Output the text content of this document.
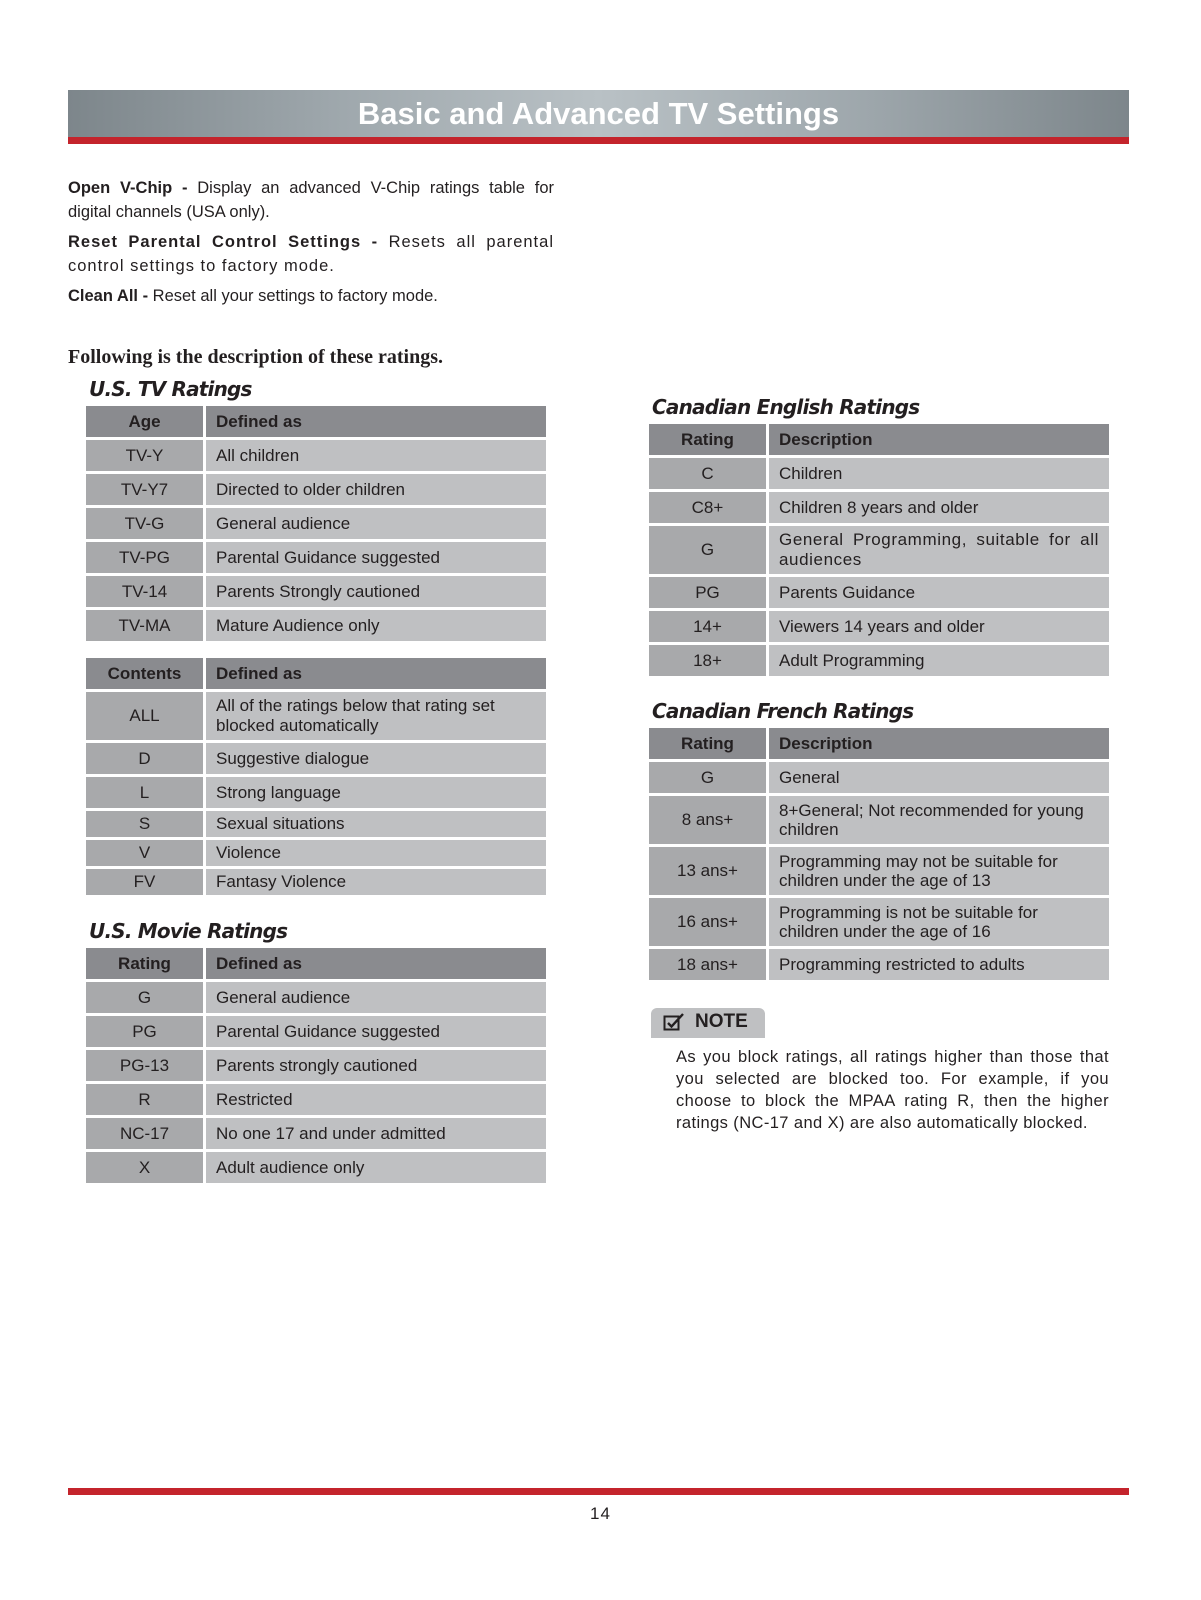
Basic and Advanced TV Settings

Open V-Chip - Display an advanced V-Chip ratings table for digital channels (USA only).

Reset Parental Control Settings - Resets all parental control settings to factory mode.

Clean All - Reset all your settings to factory mode.

Following is the description of these ratings.
U.S. TV Ratings
Age	Defined as
TV-Y	All children
TV-Y7	Directed to older children
TV-G	General audience
TV-PG	Parental Guidance suggested
TV-14	Parents Strongly cautioned
TV-MA	Mature Audience only
Contents	Defined as
ALL	All of the ratings below that rating set blocked automatically
D	Suggestive dialogue
L	Strong language
S	Sexual situations
V	Violence
FV	Fantasy Violence
U.S. Movie Ratings
Rating	Defined as
G	General audience
PG	Parental Guidance suggested
PG-13	Parents strongly cautioned
R	Restricted
NC-17	No one 17 and under admitted
X	Adult audience only
Canadian English Ratings
Rating	Description
C	Children
C8+	Children 8 years and older
G	General Programming, suitable for all audiences
PG	Parents Guidance
14+	Viewers 14 years and older
18+	Adult Programming
Canadian French Ratings
Rating	Description
G	General
8 ans+	8+General; Not recommended for young children
13 ans+	Programming may not be suitable for children under the age of 13
16 ans+	Programming is not be suitable for children under the age of 16
18 ans+	Programming restricted to adults
NOTE
As you block ratings, all ratings higher than those that you selected are blocked too. For example, if you choose to block the MPAA rating R, then the higher ratings (NC-17 and X) are also automatically blocked.
14
